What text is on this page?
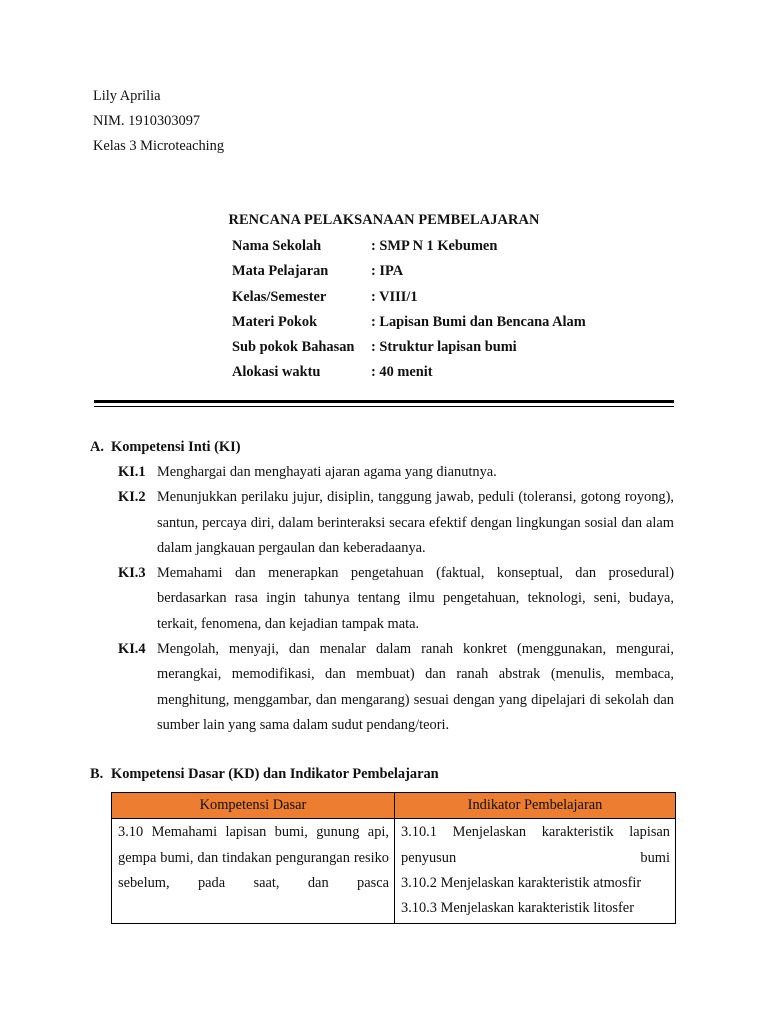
Lily Aprilia
NIM. 1910303097
Kelas 3 Microteaching
RENCANA PELAKSANAAN PEMBELAJARAN
Nama Sekolah	: SMP N 1 Kebumen
Mata Pelajaran	: IPA
Kelas/Semester	: VIII/1
Materi Pokok	: Lapisan Bumi dan Bencana Alam
Sub pokok Bahasan	: Struktur lapisan bumi
Alokasi waktu	: 40 menit
A. Kompetensi Inti (KI)
KI.1 Menghargai dan menghayati ajaran agama yang dianutnya.
KI.2 Menunjukkan perilaku jujur, disiplin, tanggung jawab, peduli (toleransi, gotong royong), santun, percaya diri, dalam berinteraksi secara efektif dengan lingkungan sosial dan alam dalam jangkauan pergaulan dan keberadaanya.
KI.3 Memahami dan menerapkan pengetahuan (faktual, konseptual, dan prosedural) berdasarkan rasa ingin tahunya tentang ilmu pengetahuan, teknologi, seni, budaya, terkait, fenomena, dan kejadian tampak mata.
KI.4 Mengolah, menyaji, dan menalar dalam ranah konkret (menggunakan, mengurai, merangkai, memodifikasi, dan membuat) dan ranah abstrak (menulis, membaca, menghitung, menggambar, dan mengarang) sesuai dengan yang dipelajari di sekolah dan sumber lain yang sama dalam sudut pendang/teori.
B. Kompetensi Dasar (KD) dan Indikator Pembelajaran
Kompetensi Dasar	Indikator Pembelajaran
3.10 Memahami lapisan bumi, gunung api, gempa bumi, dan tindakan pengurangan resiko sebelum, pada saat, dan pasca	3.10.1 Menjelaskan karakteristik lapisan penyusun bumi
3.10.2 Menjelaskan karakteristik atmosfir
3.10.3 Menjelaskan karakteristik litosfer
